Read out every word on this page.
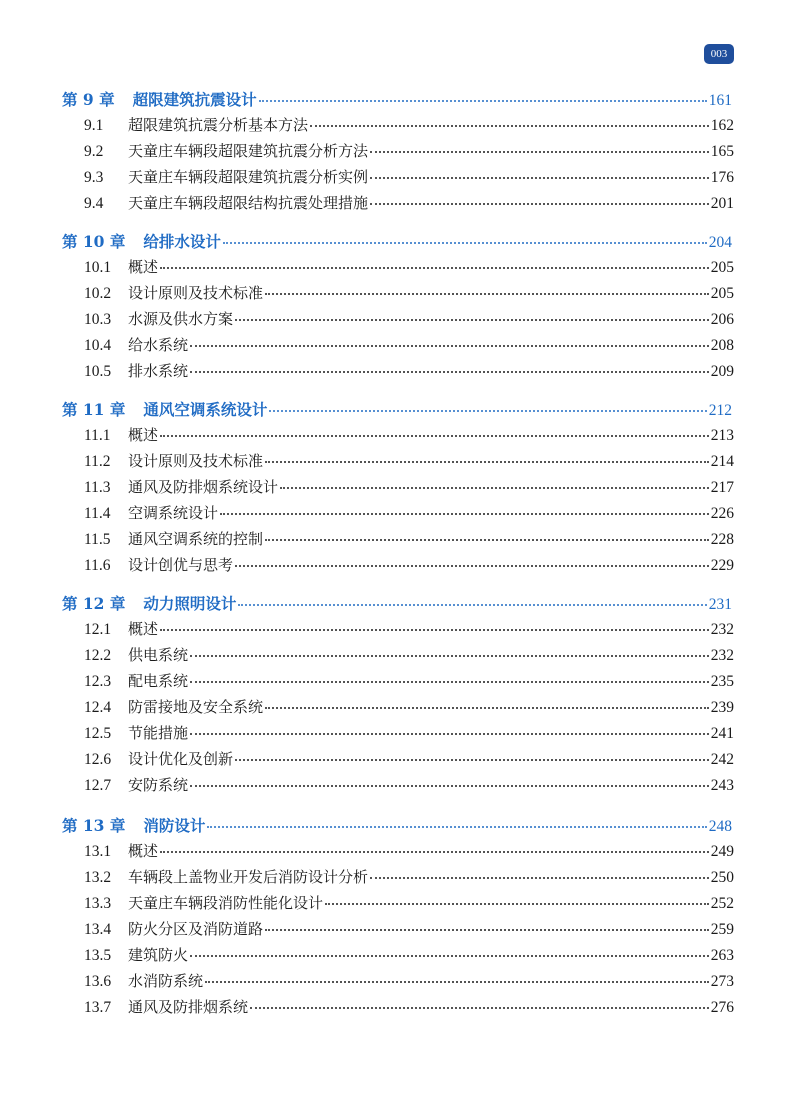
003
第 9 章 超限建筑抗震设计	161
9.1	超限建筑抗震分析基本方法	162
9.2	天童庄车辆段超限建筑抗震分析方法	165
9.3	天童庄车辆段超限建筑抗震分析实例	176
9.4	天童庄车辆段超限结构抗震处理措施	201
第 10 章 给排水设计	204
10.1	概述	205
10.2	设计原则及技术标准	205
10.3	水源及供水方案	206
10.4	给水系统	208
10.5	排水系统	209
第 11 章 通风空调系统设计	212
11.1	概述	213
11.2	设计原则及技术标准	214
11.3	通风及防排烟系统设计	217
11.4	空调系统设计	226
11.5	通风空调系统的控制	228
11.6	设计创优与思考	229
第 12 章 动力照明设计	231
12.1	概述	232
12.2	供电系统	232
12.3	配电系统	235
12.4	防雷接地及安全系统	239
12.5	节能措施	241
12.6	设计优化及创新	242
12.7	安防系统	243
第 13 章 消防设计	248
13.1	概述	249
13.2	车辆段上盖物业开发后消防设计分析	250
13.3	天童庄车辆段消防性能化设计	252
13.4	防火分区及消防道路	259
13.5	建筑防火	263
13.6	水消防系统	273
13.7	通风及防排烟系统	276
